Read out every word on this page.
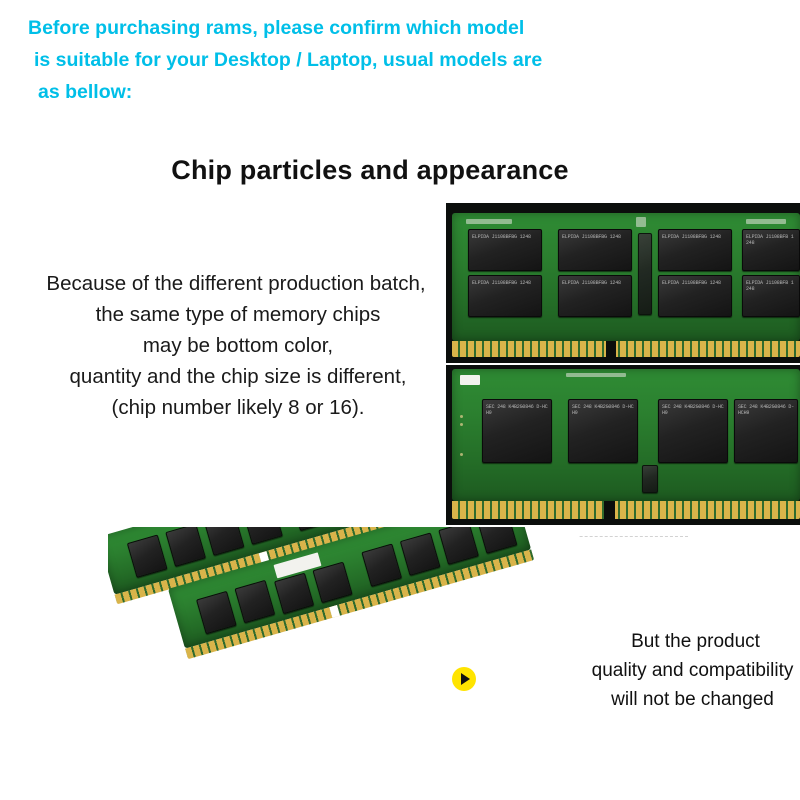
Before purchasing rams, please confirm which model
is suitable for your Desktop / Laptop, usual models are
as bellow:
Chip particles and appearance
Because of the different production batch,
the same type of memory chips
may be bottom color,
quantity and the chip size is different,
(chip number likely 8 or 16).
ELPIDA J1108BFBG 1248	ELPIDA J1108BFBG 1248	ELPIDA J1108BFBG 1248	ELPIDA J1108BFB 1248
ELPIDA J1108BFBG 1248	ELPIDA J1108BFBG 1248	ELPIDA J1108BFBG 1248	ELPIDA J1108BFB 1248
SEC 248 K4B2G0846 D-HCH9
SEC 248 K4B2G0846 D-HCH9
SEC 248 K4B2G0846 D-HCH9
SEC 248 K4B2G0846 D-HCH9
But the product
quality and compatibility
will not be changed
